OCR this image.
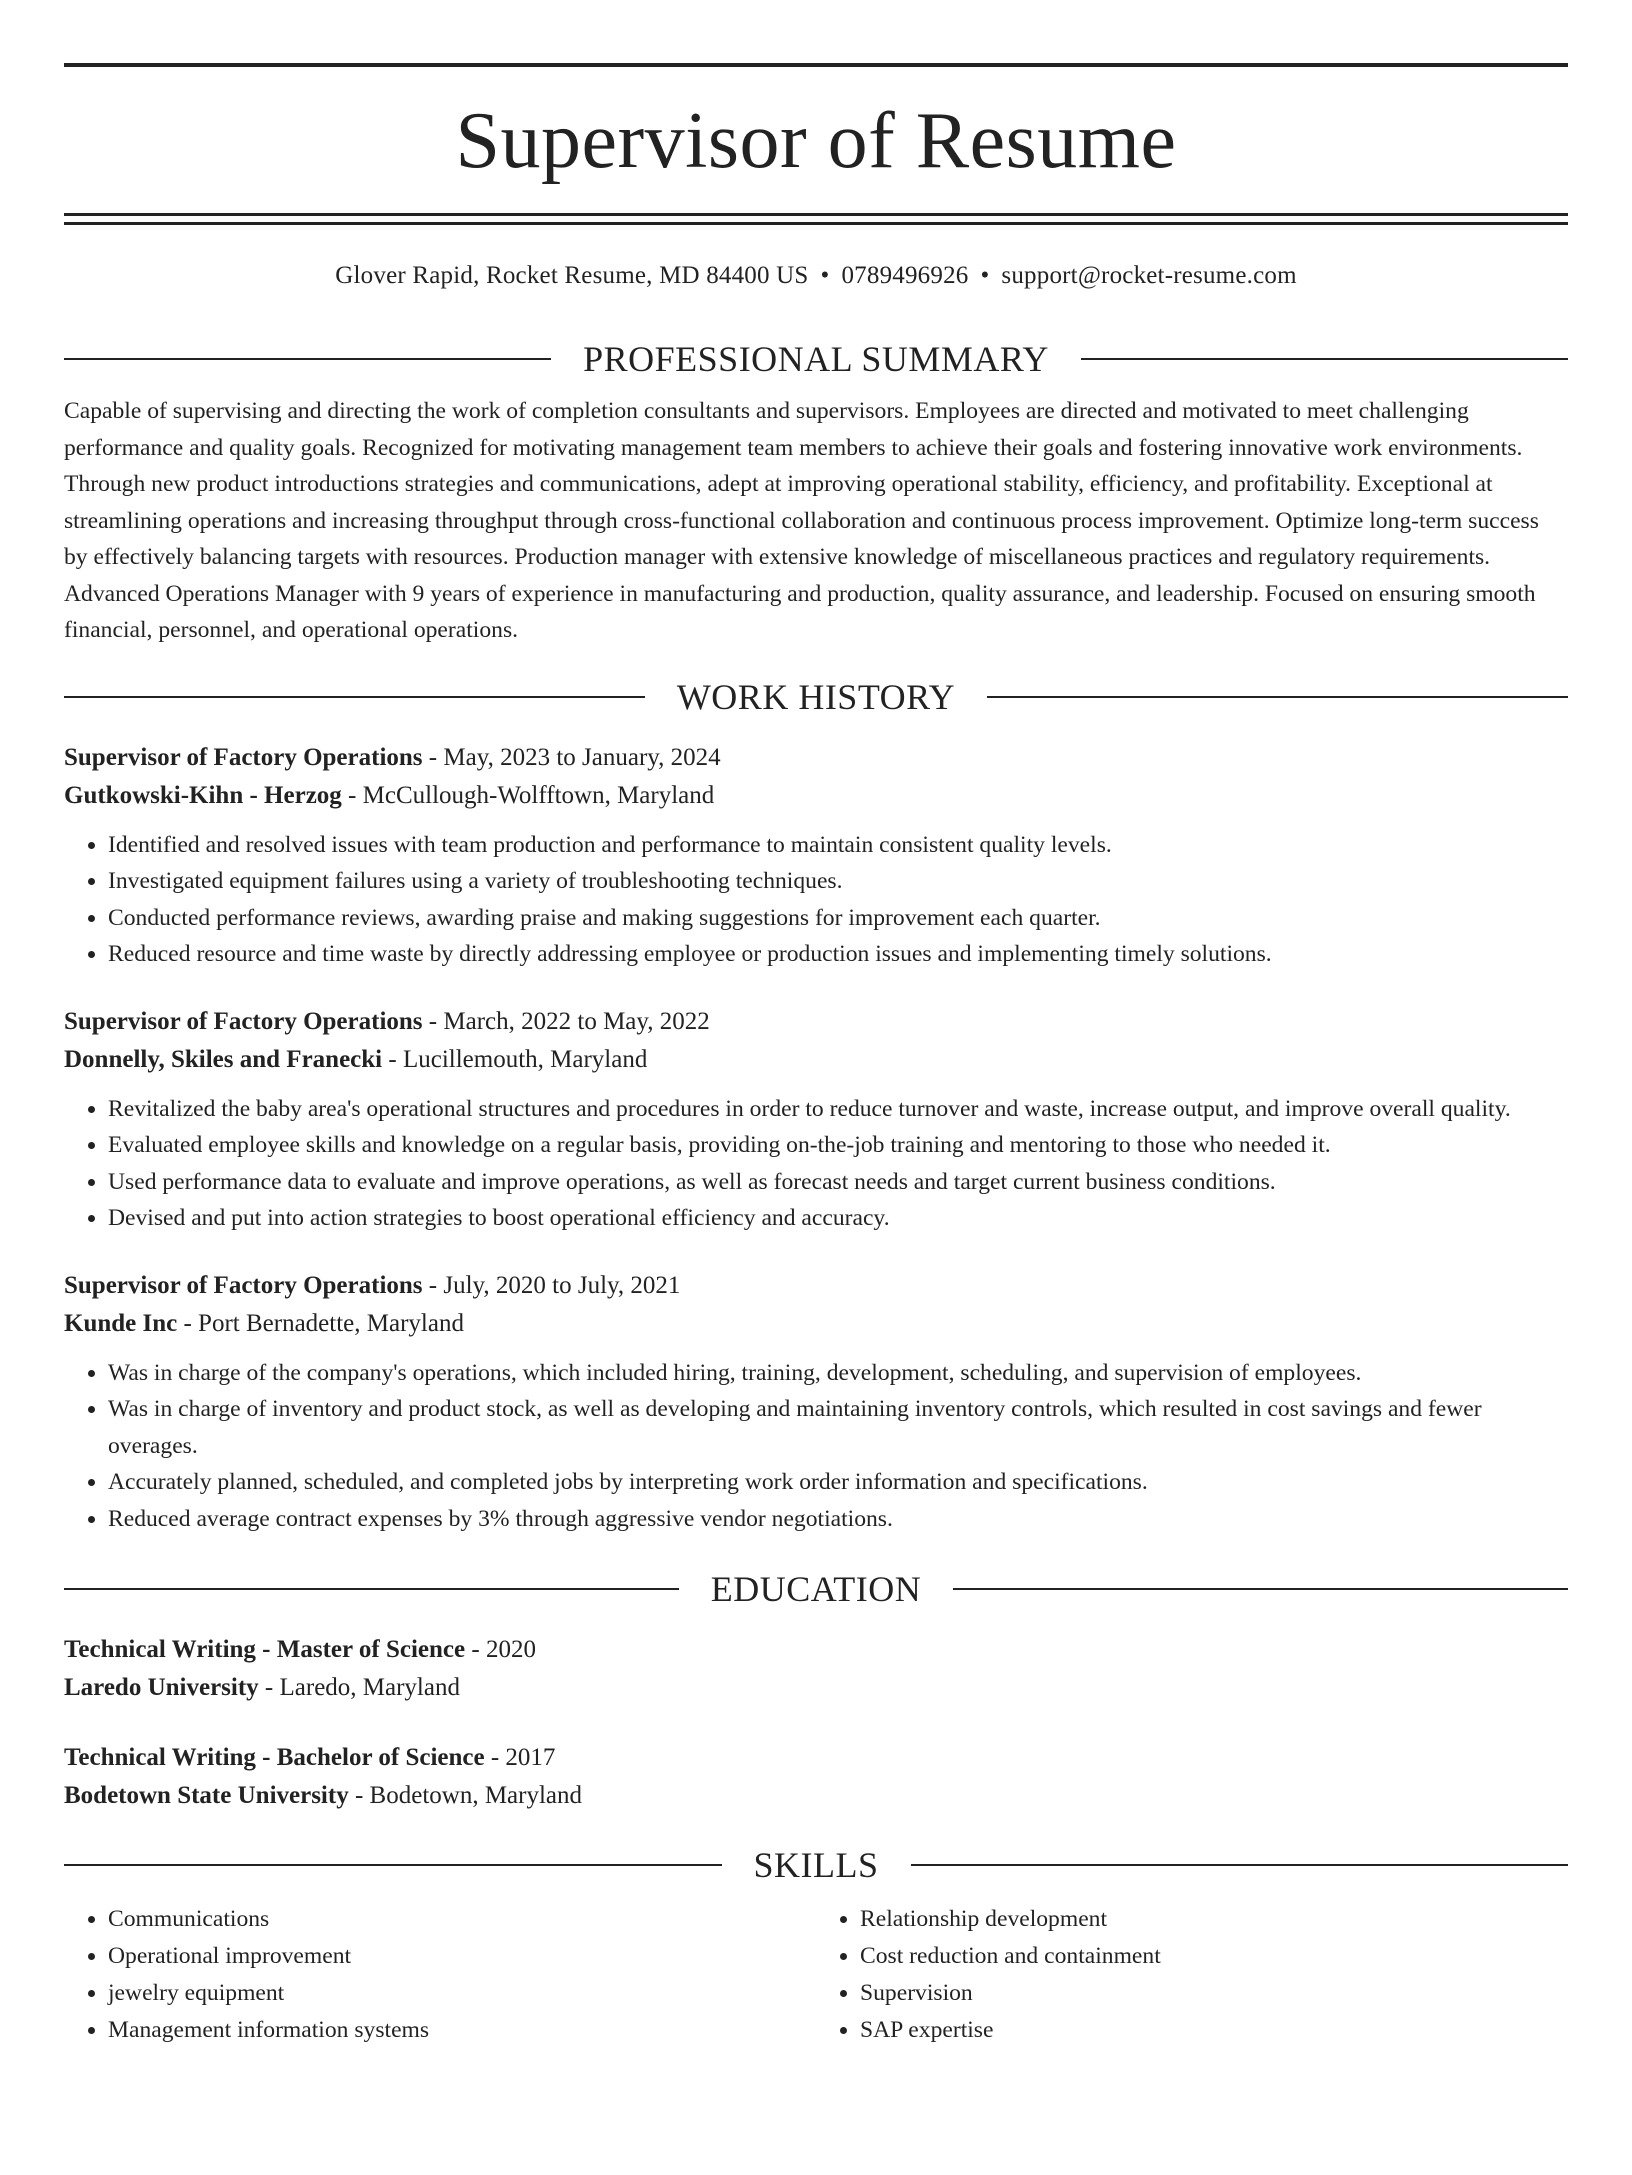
Supervisor of Resume
Glover Rapid, Rocket Resume, MD 84400 US • 0789496926 • support@rocket-resume.com
PROFESSIONAL SUMMARY

Capable of supervising and directing the work of completion consultants and supervisors. Employees are directed and motivated to meet challenging performance and quality goals. Recognized for motivating management team members to achieve their goals and fostering innovative work environments. Through new product introductions strategies and communications, adept at improving operational stability, efficiency, and profitability. Exceptional at streamlining operations and increasing throughput through cross-functional collaboration and continuous process improvement. Optimize long-term success by effectively balancing targets with resources. Production manager with extensive knowledge of miscellaneous practices and regulatory requirements. Advanced Operations Manager with 9 years of experience in manufacturing and production, quality assurance, and leadership. Focused on ensuring smooth financial, personnel, and operational operations.

WORK HISTORY
Supervisor of Factory Operations - May, 2023 to January, 2024
Gutkowski-Kihn - Herzog - McCullough-Wolfftown, Maryland
• Identified and resolved issues with team production and performance to maintain consistent quality levels.
• Investigated equipment failures using a variety of troubleshooting techniques.
• Conducted performance reviews, awarding praise and making suggestions for improvement each quarter.
• Reduced resource and time waste by directly addressing employee or production issues and implementing timely solutions.
Supervisor of Factory Operations - March, 2022 to May, 2022
Donnelly, Skiles and Franecki - Lucillemouth, Maryland
• Revitalized the baby area's operational structures and procedures in order to reduce turnover and waste, increase output, and improve overall quality.
• Evaluated employee skills and knowledge on a regular basis, providing on-the-job training and mentoring to those who needed it.
• Used performance data to evaluate and improve operations, as well as forecast needs and target current business conditions.
• Devised and put into action strategies to boost operational efficiency and accuracy.
Supervisor of Factory Operations - July, 2020 to July, 2021
Kunde Inc - Port Bernadette, Maryland
• Was in charge of the company's operations, which included hiring, training, development, scheduling, and supervision of employees.
• Was in charge of inventory and product stock, as well as developing and maintaining inventory controls, which resulted in cost savings and fewer overages.
• Accurately planned, scheduled, and completed jobs by interpreting work order information and specifications.
• Reduced average contract expenses by 3% through aggressive vendor negotiations.
EDUCATION
Technical Writing - Master of Science - 2020
Laredo University - Laredo, Maryland
Technical Writing - Bachelor of Science - 2017
Bodetown State University - Bodetown, Maryland
SKILLS
• Communications
• Operational improvement
• jewelry equipment
• Management information systems
• Relationship development
• Cost reduction and containment
• Supervision
• SAP expertise
